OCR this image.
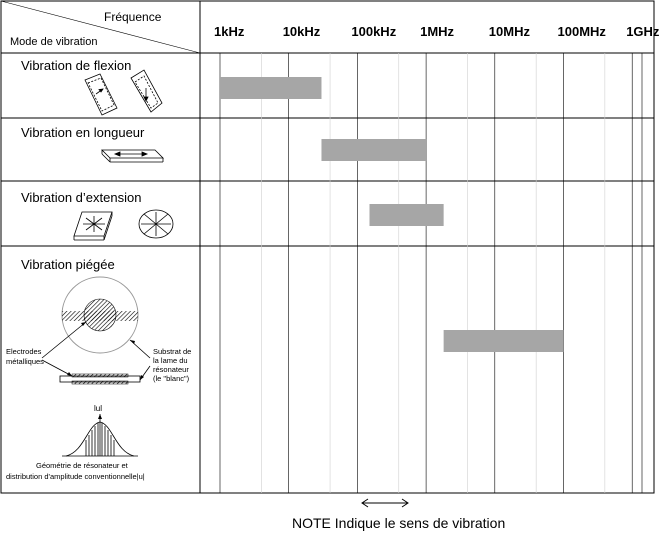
Fréquence
Mode de vibration
1kHz	10kHz 100kHz 1MHz	10MHz 100MHz 1GHz
Vibration de flexion
Vibration en longueur
Vibration d’extension
Vibration piégée
Electrodes
métalliques
Substrat de
la lame du
résonateur
(le "blanc")
lul
Géométrie de résonateur et
distribution d'amplitude conventionnelle|u|
NOTE Indique le sens de vibration
